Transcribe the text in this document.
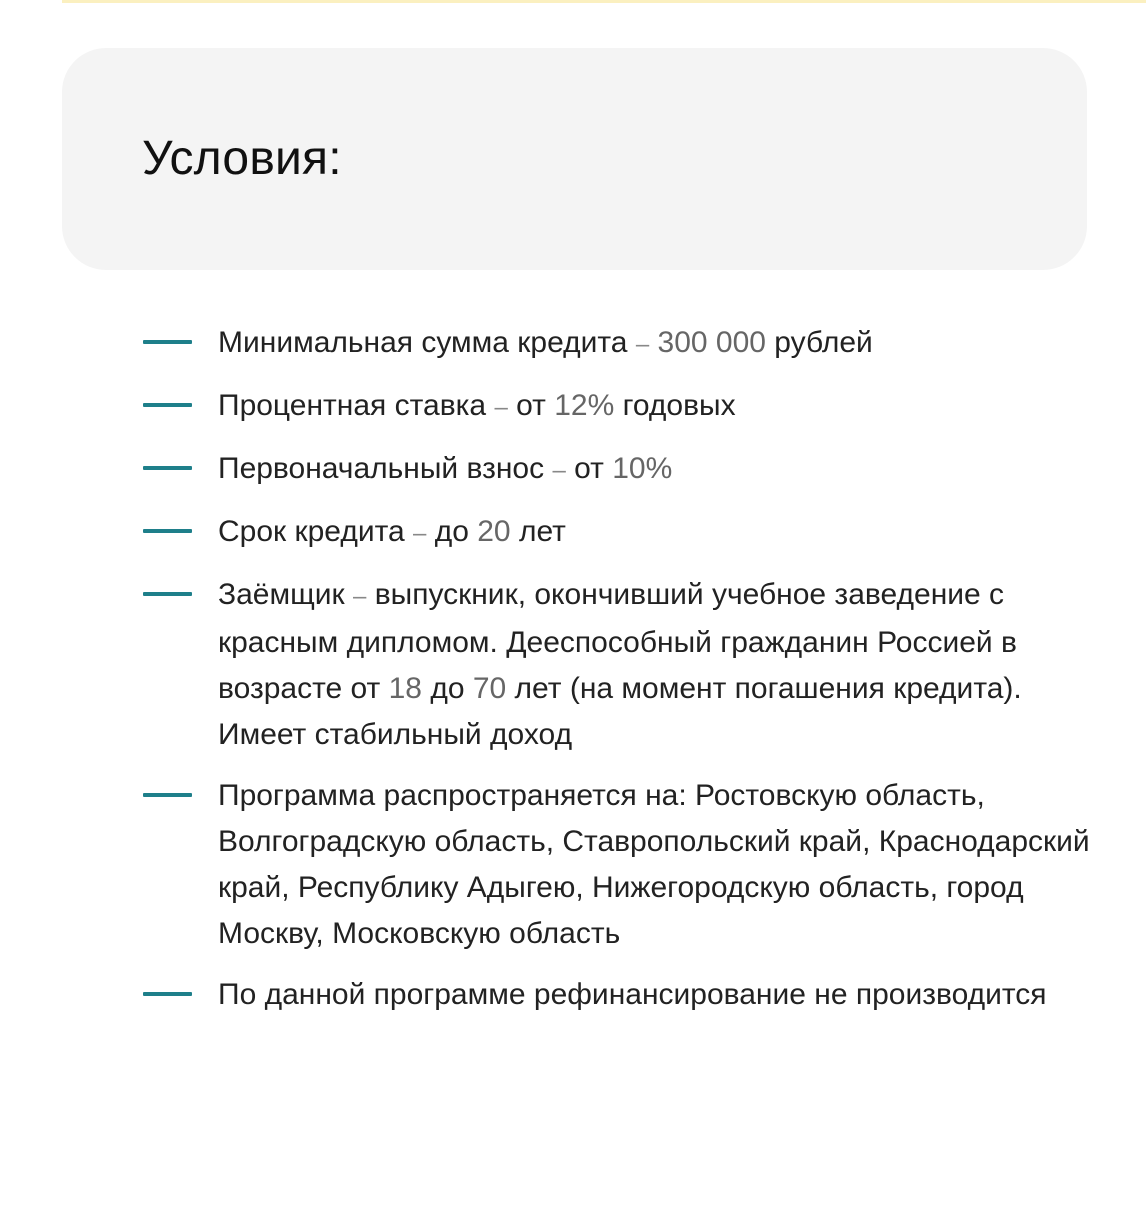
Условия:
Минимальная сумма кредита – 300 000 рублей
Процентная ставка – от 12% годовых
Первоначальный взнос – от 10%
Срок кредита – до 20 лет
Заёмщик – выпускник, окончивший учебное заведение с красным дипломом. Дееспособный гражданин Россией в возрасте от 18 до 70 лет (на момент погашения кредита). Имеет стабильный доход
Программа распространяется на: Ростовскую область, Волгоградскую область, Ставропольский край, Краснодарский край, Республику Адыгею, Нижегородскую область, город Москву, Московскую область
По данной программе рефинансирование не производится
